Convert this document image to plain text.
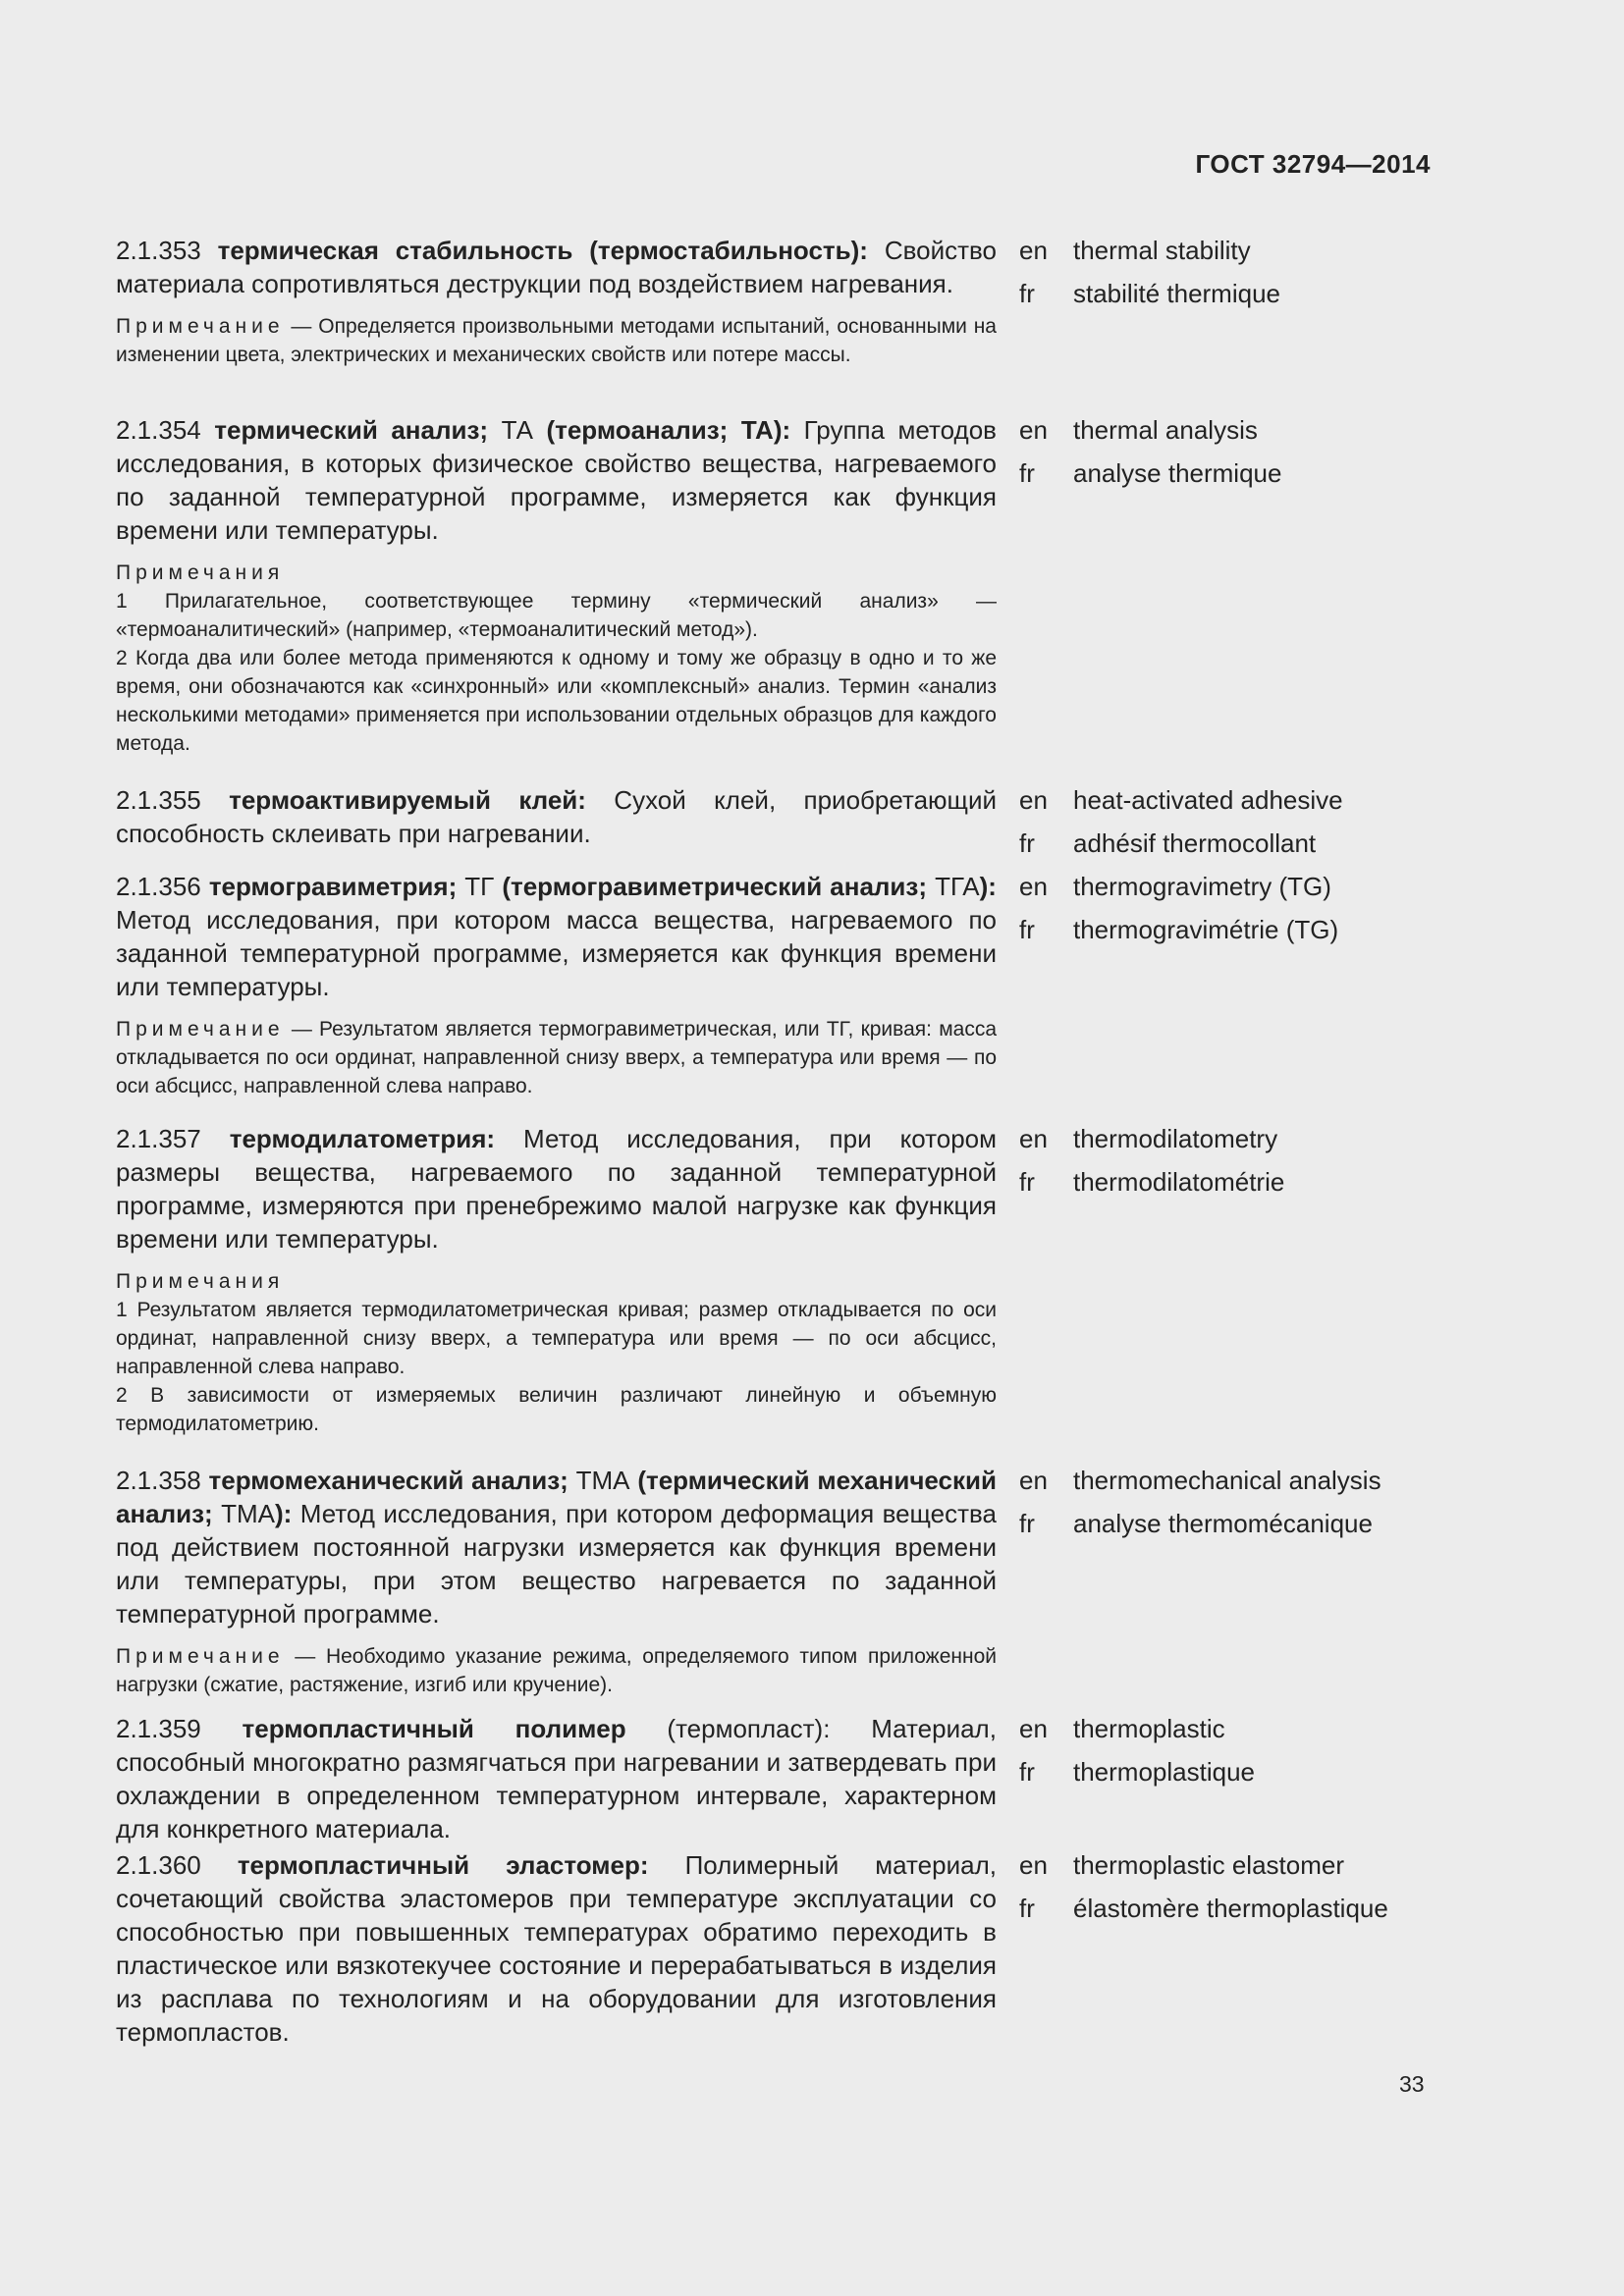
ГОСТ 32794—2014

2.1.353 термическая стабильность (термостабильность): Свойство материала сопротивляться деструкции под воздействием нагревания.

Примечание — Определяется произвольными методами испытаний, основанными на изменении цвета, электрических и механических свойств или потере массы.

en thermal stability
fr stabilité thermique

2.1.354 термический анализ; ТА (термоанализ; ТА): Группа методов исследования, в которых физическое свойство вещества, нагреваемого по заданной температурной программе, измеряется как функция времени или температуры.

Примечания
1 Прилагательное, соответствующее термину «термический анализ» — «термоаналитический» (например, «термоаналитический метод»).
2 Когда два или более метода применяются к одному и тому же образцу в одно и то же время, они обозначаются как «синхронный» или «комплексный» анализ. Термин «анализ несколькими методами» применяется при использовании отдельных образцов для каждого метода.

en thermal analysis
fr analyse thermique

2.1.355 термоактивируемый клей: Сухой клей, приобретающий способность склеивать при нагревании.

en heat-activated adhesive
fr adhésif thermocollant

2.1.356 термогравиметрия; ТГ (термогравиметрический анализ; ТГА): Метод исследования, при котором масса вещества, нагреваемого по заданной температурной программе, измеряется как функция времени или температуры.

Примечание — Результатом является термогравиметрическая, или ТГ, кривая: масса откладывается по оси ординат, направленной снизу вверх, а температура или время — по оси абсцисс, направленной слева направо.

en thermogravimetry (TG)
fr thermogravimétrie (TG)

2.1.357 термодилатометрия: Метод исследования, при котором размеры вещества, нагреваемого по заданной температурной программе, измеряются при пренебрежимо малой нагрузке как функция времени или температуры.

Примечания
1 Результатом является термодилатометрическая кривая; размер откладывается по оси ординат, направленной снизу вверх, а температура или время — по оси абсцисс, направленной слева направо.
2 В зависимости от измеряемых величин различают линейную и объемную термодилатометрию.

en thermodilatometry
fr thermodilatométrie

2.1.358 термомеханический анализ; ТМА (термический механический анализ; ТМА): Метод исследования, при котором деформация вещества под действием постоянной нагрузки измеряется как функция времени или температуры, при этом вещество нагревается по заданной температурной программе.

Примечание — Необходимо указание режима, определяемого типом приложенной нагрузки (сжатие, растяжение, изгиб или кручение).

en thermomechanical analysis
fr analyse thermomécanique

2.1.359 термопластичный полимер (термопласт): Материал, способный многократно размягчаться при нагревании и затвердевать при охлаждении в определенном температурном интервале, характерном для конкретного материала.

en thermoplastic
fr thermoplastique

2.1.360 термопластичный эластомер: Полимерный материал, сочетающий свойства эластомеров при температуре эксплуатации со способностью при повышенных температурах обратимо переходить в пластическое или вязкотекучее состояние и перерабатываться в изделия из расплава по технологиям и на оборудовании для изготовления термопластов.

en thermoplastic elastomer
fr élastomère thermoplastique
33
